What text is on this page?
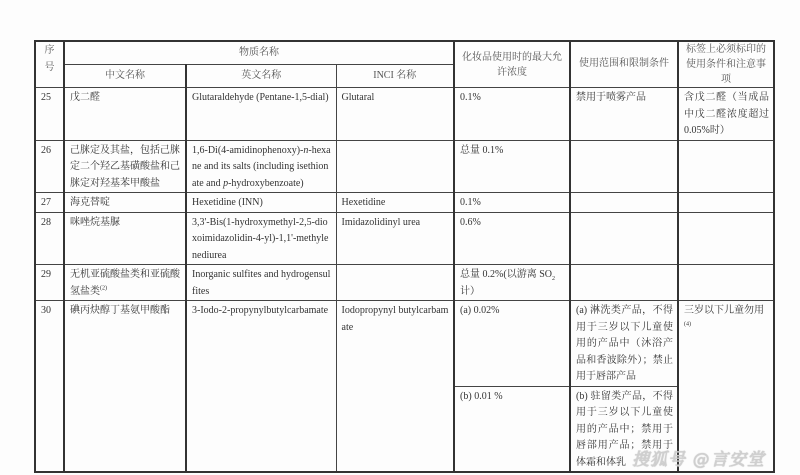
序号	物质名称			化妆品使用时的最大允许浓度	使用范围和限制条件	标签上必须标印的使用条件和注意事项
	中文名称	英文名称	INCI 名称			
25	戊二醛	Glutaraldehyde (Pentane-1,5-dial)	Glutaral	0.1%	禁用于喷雾产品	含戊二醛（当成品中戊二醛浓度超过0.05%时）
26	己脒定及其盐，包括己脒定二个羟乙基磺酸盐和己脒定对羟基苯甲酸盐	1,6-Di(4-amidinophenoxy)-n-hexane and its salts (including isethionate and p-hydroxybenzoate)		总量 0.1%		
27	海克替啶	Hexetidine (INN)	Hexetidine	0.1%		
28	咪唑烷基脲	3,3'-Bis(1-hydroxymethyl-2,5-dioxoimidazolidin-4-yl)-1,1'-methylenediurea	Imidazolidinyl urea	0.6%		
29	无机亚硫酸盐类和亚硫酸氢盐类$^{(2)}$	Inorganic sulfites and hydrogensulfites		总量 0.2%(以游离 $SO_2$ 计）		
30	碘丙炔醇丁基氨甲酸酯	3-Iodo-2-propynylbutylcarbamate	Iodopropynyl butylcarbamate	(a) 0.02%	(a) 淋洗类产品，不得用于三岁以下儿童使用的产品中（沐浴产品和香波除外）；禁止用于唇部产品	三岁以下儿童勿用$^{(4)}$
				(b) 0.01 %	(b) 驻留类产品，不得用于三岁以下儿童使用的产品中；禁用于唇部用产品；禁用于体霜和体乳	搜狐号 @言安堂
